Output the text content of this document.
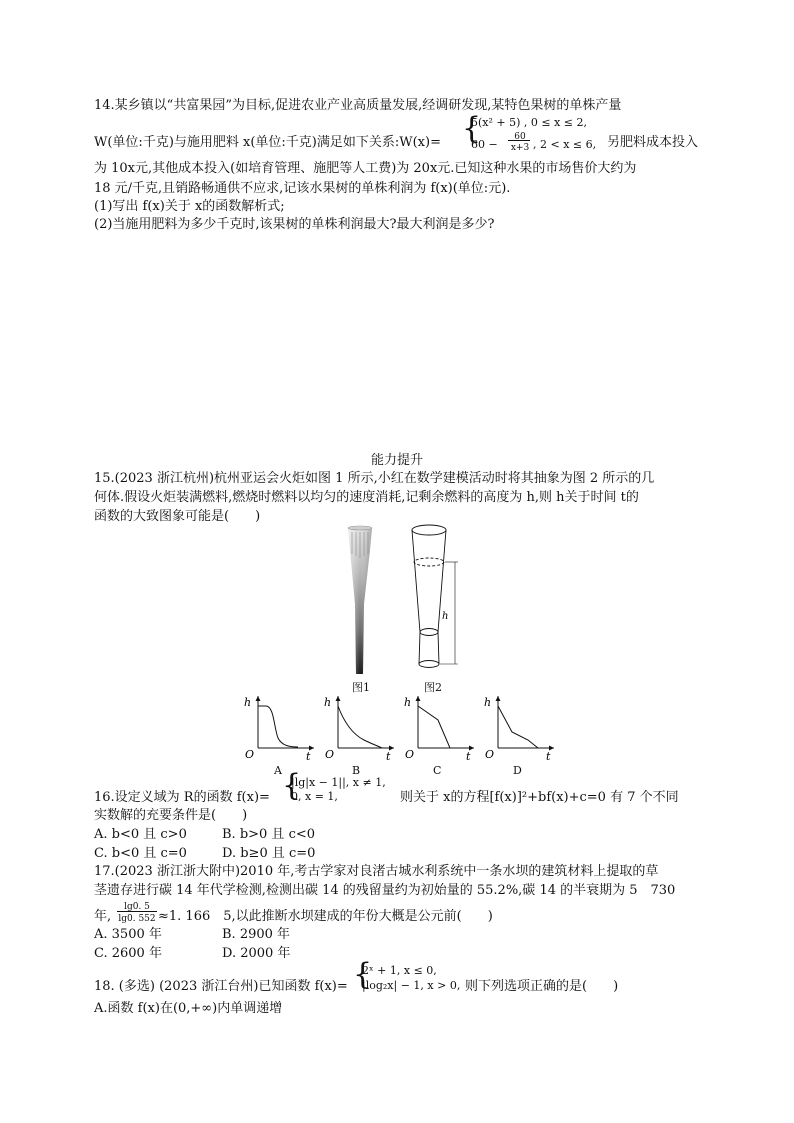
14.某乡镇以“共富果园”为目标,促进农业产业高质量发展,经调研发现,某特色果树的单株产量
{
5(x² + 5) , 0 ≤ x ≤ 2,
W(单位:千克)与施用肥料 x(单位:千克)满足如下关系:W(x)=	60 −
60
x+3 , 2 < x ≤ 6, 另肥料成本投入
为 10x元,其他成本投入(如培育管理、施肥等人工费)为 20x元.已知这种水果的市场售价大约为
18 元/千克,且销路畅通供不应求,记该水果树的单株利润为 f(x)(单位:元).
(1)写出 f(x)关于 x的函数解析式;
(2)当施用肥料为多少千克时,该果树的单株利润最大?最大利润是多少?
能力提升
15.(2023 浙江杭州)杭州亚运会火炬如图 1 所示,小红在数学建模活动时将其抽象为图 2 所示的几
何体.假设火炬装满燃料,燃烧时燃料以均匀的速度消耗,记剩余燃料的高度为 h,则 h关于时间 t的
函数的大致图象可能是(　　)
h
图1	图2
h
O	t
h
O	t
h
O	t
h
O	t
A	B	C	D
16.设定义域为 R的函数 f(x)= {
|lg|x − 1||, x ≠ 1,
0, x = 1,	则关于 x的方程[f(x)]²+bf(x)+c=0 有 7 个不同
实数解的充要条件是(　　)
A. b<0 且 c>0	B. b>0 且 c<0
C. b<0 且 c=0	D. b≥0 且 c=0
17.(2023 浙江浙大附中)2010 年,考古学家对良渚古城水利系统中一条水坝的建筑材料上提取的草
茎遗存进行碳 14 年代学检测,检测出碳 14 的残留量约为初始量的 55.2%,碳 14 的半衰期为 5　730
年,
lg0. 5
lg0. 552 ≈1. 166　5,以此推断水坝建成的年份大概是公元前(　　)
A. 3500 年	B. 2900 年
C. 2600 年	D. 2000 年
18. (多选) (2023 浙江台州)已知函数 f(x)= {
2ˣ + 1, x ≤ 0,
|log₂x| − 1, x > 0, 则下列选项正确的是(　　)
A.函数 f(x)在(0,+∞)内单调递增
